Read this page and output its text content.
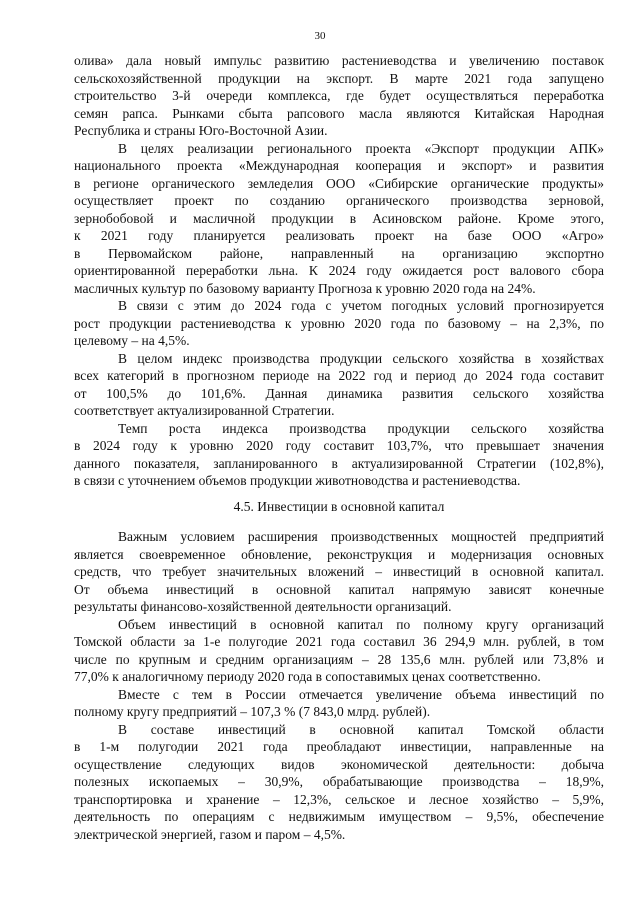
30
олива» дала новый импульс развитию растениеводства и увеличению поставок
сельскохозяйственной продукции на экспорт. В марте 2021 года запущено
строительство 3-й очереди комплекса, где будет осуществляться переработка
семян рапса. Рынками сбыта рапсового масла являются Китайская Народная
Республика и страны Юго-Восточной Азии.
В целях реализации регионального проекта «Экспорт продукции АПК»
национального проекта «Международная кооперация и экспорт» и развития
в регионе органического земледелия ООО «Сибирские органические продукты»
осуществляет проект по созданию органического производства зерновой,
зернобобовой и масличной продукции в Асиновском районе. Кроме этого,
к 2021 году планируется реализовать проект на базе ООО «Агро»
в Первомайском районе, направленный на организацию экспортно
ориентированной переработки льна. К 2024 году ожидается рост валового сбора
масличных культур по базовому варианту Прогноза к уровню 2020 года на 24%.
В связи с этим до 2024 года с учетом погодных условий прогнозируется
рост продукции растениеводства к уровню 2020 года по базовому – на 2,3%, по
целевому – на 4,5%.
В целом индекс производства продукции сельского хозяйства в хозяйствах
всех категорий в прогнозном периоде на 2022 год и период до 2024 года составит
от 100,5% до 101,6%. Данная динамика развития сельского хозяйства
соответствует актуализированной Стратегии.
Темп роста индекса производства продукции сельского хозяйства
в 2024 году к уровню 2020 году составит 103,7%, что превышает значения
данного показателя, запланированного в актуализированной Стратегии (102,8%),
в связи с уточнением объемов продукции животноводства и растениеводства.
4.5. Инвестиции в основной капитал
Важным условием расширения производственных мощностей предприятий
является своевременное обновление, реконструкция и модернизация основных
средств, что требует значительных вложений – инвестиций в основной капитал.
От объема инвестиций в основной капитал напрямую зависят конечные
результаты финансово-хозяйственной деятельности организаций.
Объем инвестиций в основной капитал по полному кругу организаций
Томской области за 1-е полугодие 2021 года составил 36 294,9 млн. рублей, в том
числе по крупным и средним организациям – 28 135,6 млн. рублей или 73,8% и
77,0% к аналогичному периоду 2020 года в сопоставимых ценах соответственно.
Вместе с тем в России отмечается увеличение объема инвестиций по
полному кругу предприятий – 107,3 % (7 843,0 млрд. рублей).
В составе инвестиций в основной капитал Томской области
в 1-м полугодии 2021 года преобладают инвестиции, направленные на
осуществление следующих видов экономической деятельности: добыча
полезных ископаемых – 30,9%, обрабатывающие производства – 18,9%,
транспортировка и хранение – 12,3%, сельское и лесное хозяйство – 5,9%,
деятельность по операциям с недвижимым имуществом – 9,5%, обеспечение
электрической энергией, газом и паром – 4,5%.
